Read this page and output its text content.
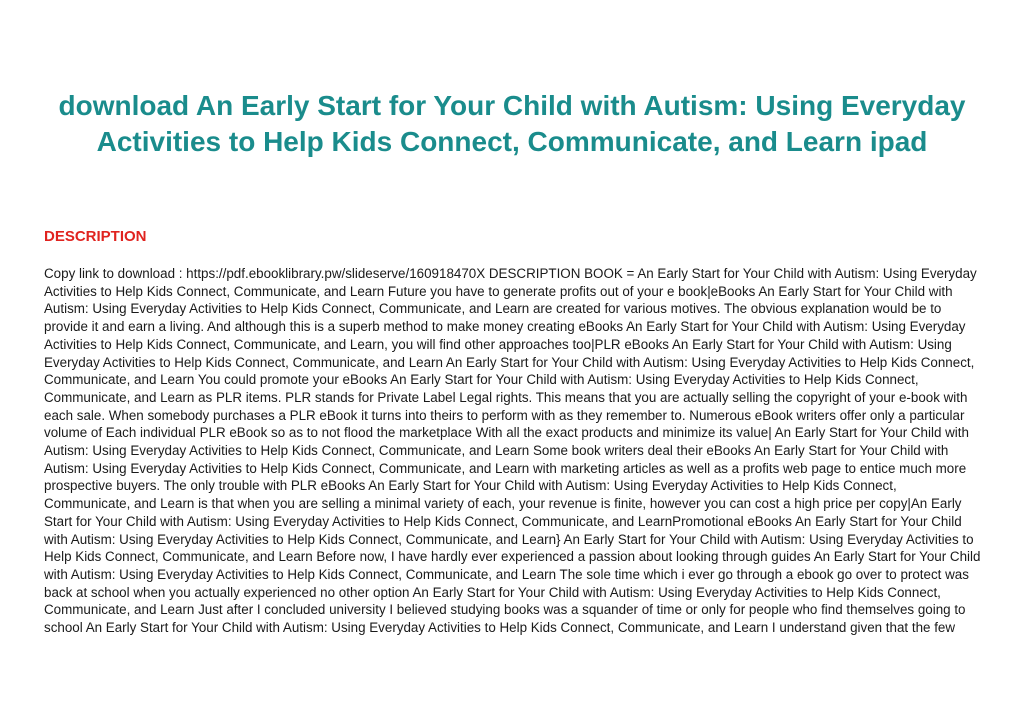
download An Early Start for Your Child with Autism: Using Everyday Activities to Help Kids Connect, Communicate, and Learn ipad
DESCRIPTION

Copy link to download : https://pdf.ebooklibrary.pw/slideserve/160918470X DESCRIPTION BOOK = An Early Start for Your Child with Autism: Using Everyday Activities to Help Kids Connect, Communicate, and Learn Future you have to generate profits out of your e book|eBooks An Early Start for Your Child with Autism: Using Everyday Activities to Help Kids Connect, Communicate, and Learn are created for various motives. The obvious explanation would be to provide it and earn a living. And although this is a superb method to make money creating eBooks An Early Start for Your Child with Autism: Using Everyday Activities to Help Kids Connect, Communicate, and Learn, you will find other approaches too|PLR eBooks An Early Start for Your Child with Autism: Using Everyday Activities to Help Kids Connect, Communicate, and Learn An Early Start for Your Child with Autism: Using Everyday Activities to Help Kids Connect, Communicate, and Learn You could promote your eBooks An Early Start for Your Child with Autism: Using Everyday Activities to Help Kids Connect, Communicate, and Learn as PLR items. PLR stands for Private Label Legal rights. This means that you are actually selling the copyright of your e-book with each sale. When somebody purchases a PLR eBook it turns into theirs to perform with as they remember to. Numerous eBook writers offer only a particular volume of Each individual PLR eBook so as to not flood the marketplace With all the exact products and minimize its value| An Early Start for Your Child with Autism: Using Everyday Activities to Help Kids Connect, Communicate, and Learn Some book writers deal their eBooks An Early Start for Your Child with Autism: Using Everyday Activities to Help Kids Connect, Communicate, and Learn with marketing articles as well as a profits web page to entice much more prospective buyers. The only trouble with PLR eBooks An Early Start for Your Child with Autism: Using Everyday Activities to Help Kids Connect, Communicate, and Learn is that when you are selling a minimal variety of each, your revenue is finite, however you can cost a high price per copy|An Early Start for Your Child with Autism: Using Everyday Activities to Help Kids Connect, Communicate, and LearnPromotional eBooks An Early Start for Your Child with Autism: Using Everyday Activities to Help Kids Connect, Communicate, and Learn} An Early Start for Your Child with Autism: Using Everyday Activities to Help Kids Connect, Communicate, and Learn Before now, I have hardly ever experienced a passion about looking through guides An Early Start for Your Child with Autism: Using Everyday Activities to Help Kids Connect, Communicate, and Learn The sole time which i ever go through a ebook go over to protect was back at school when you actually experienced no other option An Early Start for Your Child with Autism: Using Everyday Activities to Help Kids Connect, Communicate, and Learn Just after I concluded university I believed studying books was a squander of time or only for people who find themselves going to school An Early Start for Your Child with Autism: Using Everyday Activities to Help Kids Connect, Communicate, and Learn I understand given that the few
